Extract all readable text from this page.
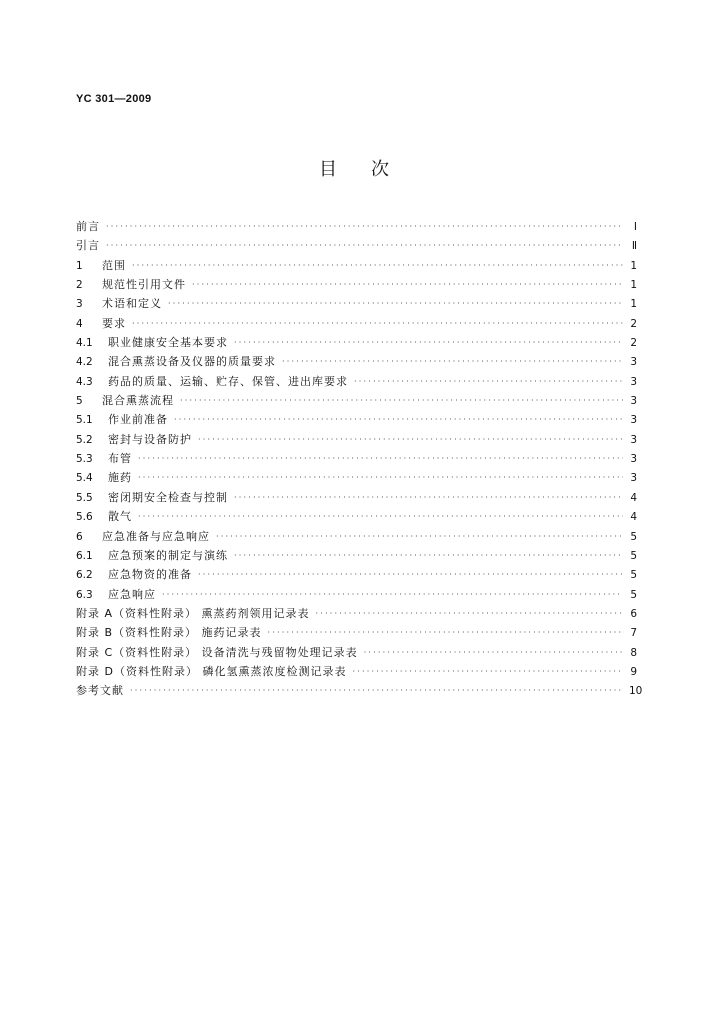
YC 301—2009
目次
前言 ·····	Ⅰ
引言 ·····	Ⅱ
1	范围 ·····	1
2	规范性引用文件 ·····	1
3	术语和定义 ·····	1
4	要求 ·····	2
4.1	职业健康安全基本要求 ·····	2
4.2	混合熏蒸设备及仪器的质量要求 ·····	3
4.3	药品的质量、运输、贮存、保管、进出库要求 ·····	3
5	混合熏蒸流程 ·····	3
5.1	作业前准备 ·····	3
5.2	密封与设备防护 ·····	3
5.3	布管 ·····	3
5.4	施药 ·····	3
5.5	密闭期安全检查与控制 ·····	4
5.6	散气 ·····	4
6	应急准备与应急响应 ·····	5
6.1	应急预案的制定与演练 ·····	5
6.2	应急物资的准备 ·····	5
6.3	应急响应 ·····	5
附录 A（资料性附录） 熏蒸药剂领用记录表 ·····	6
附录 B（资料性附录） 施药记录表 ·····	7
附录 C（资料性附录） 设备清洗与残留物处理记录表 ·····	8
附录 D（资料性附录） 磷化氢熏蒸浓度检测记录表 ·····	9
参考文献 ·····	10
